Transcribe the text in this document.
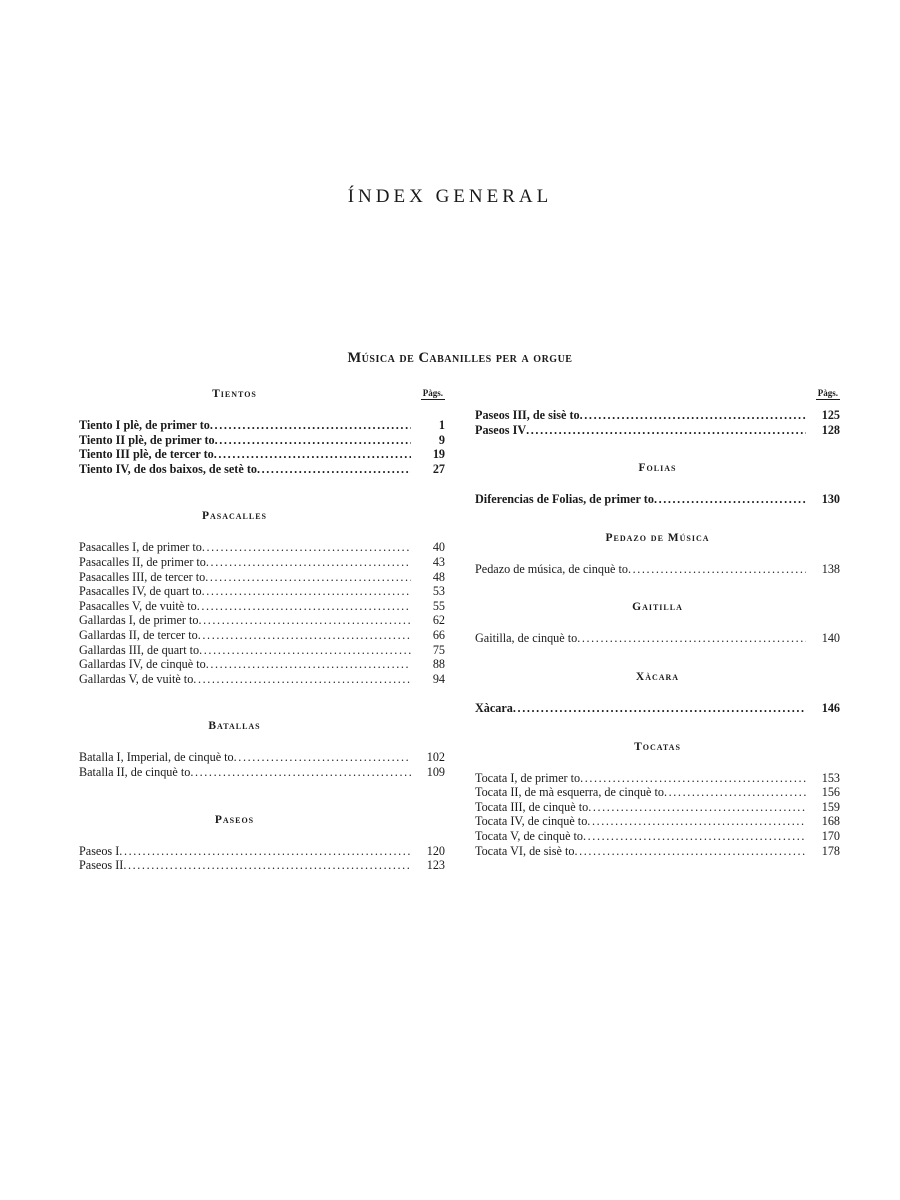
ÍNDEX GENERAL
Música de Cabanilles per a orgue
Tientos	Pàgs.
Tiento I plè, de primer to .....	1
Tiento II plè, de primer to .....	9
Tiento III plè, de tercer to .....	19
Tiento IV, de dos baixos, de setè to .....	27
Pasacalles
Pasacalles I, de primer to .....	40
Pasacalles II, de primer to .....	43
Pasacalles III, de tercer to .....	48
Pasacalles IV, de quart to .....	53
Pasacalles V, de vuitè to .....	55
Gallardas I, de primer to .....	62
Gallardas II, de tercer to .....	66
Gallardas III, de quart to .....	75
Gallardas IV, de cinquè to .....	88
Gallardas V, de vuitè to .....	94
Batallas
Batalla I, Imperial, de cinquè to .....	102
Batalla II, de cinquè to .....	109
Paseos
Paseos I .....	120
Paseos II .....	123
Pàgs.
Paseos III, de sisè to .....	125
Paseos IV .....	128
Folias
Diferencias de Folias, de primer to .....	130
Pedazo de Música
Pedazo de música, de cinquè to .....	138
Gaitilla
Gaitilla, de cinquè to .....	140
Xàcara
Xàcara .....	146
Tocatas
Tocata I, de primer to .....	153
Tocata II, de mà esquerra, de cinquè to .....	156
Tocata III, de cinquè to .....	159
Tocata IV, de cinquè to .....	168
Tocata V, de cinquè to .....	170
Tocata VI, de sisè to .....	178
